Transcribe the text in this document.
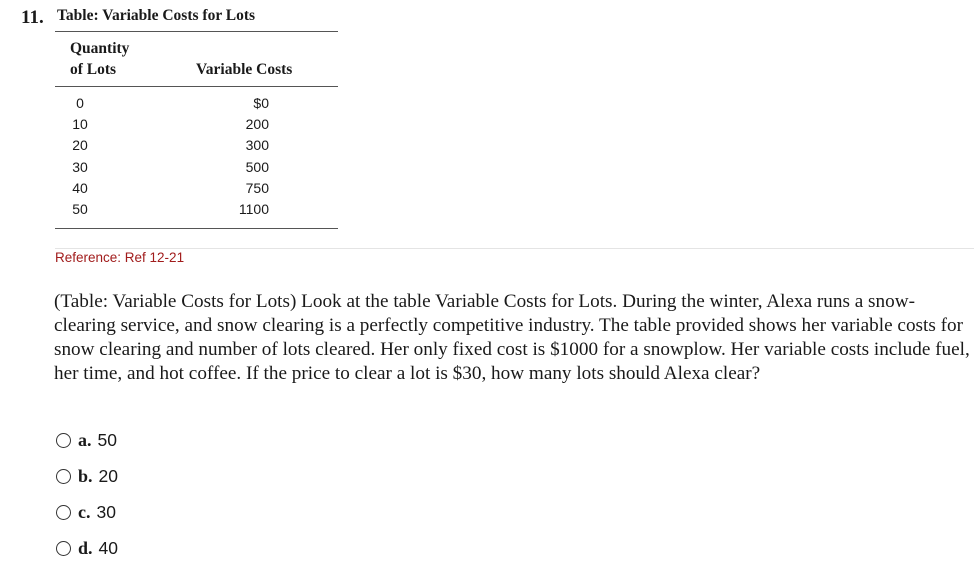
11. Table: Variable Costs for Lots
Quantity
of Lots	Variable Costs
0	$0
10	200
20	300
30	500
40	750
50	1100
Reference: Ref 12-21

(Table: Variable Costs for Lots) Look at the table Variable Costs for Lots. During the winter, Alexa runs a snow-clearing service, and snow clearing is a perfectly competitive industry. The table provided shows her variable costs for snow clearing and number of lots cleared. Her only fixed cost is $1000 for a snowplow. Her variable costs include fuel, her time, and hot coffee. If the price to clear a lot is $30, how many lots should Alexa clear?

a. 50
b. 20
c. 30
d. 40
